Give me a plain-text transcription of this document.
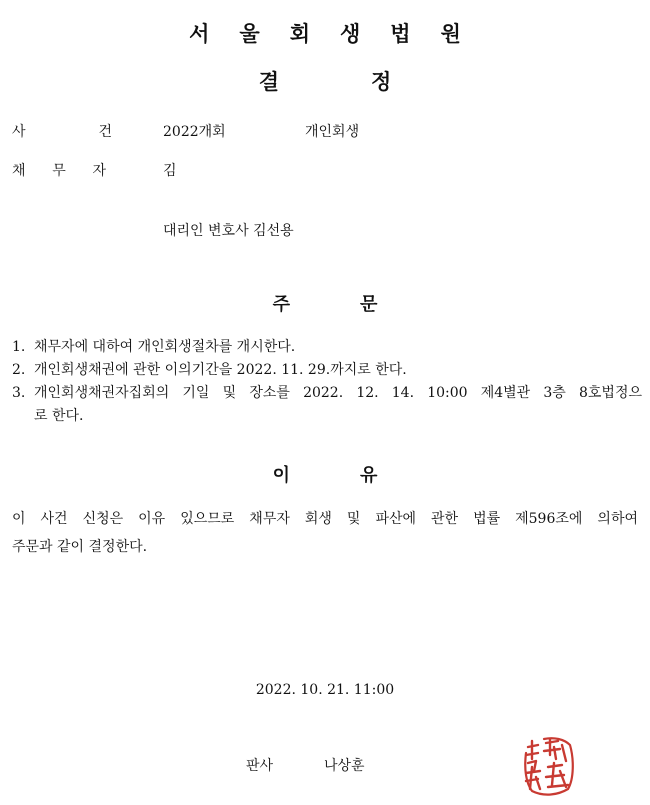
서 울 회 생 법 원
결	정
사	건	2022개회	개인회생
채 무 자	김
대리인 변호사 김선용
주	문
1. 채무자에 대하여 개인회생절차를 개시한다.
2. 개인회생채권에 관한 이의기간을 2022. 11. 29.까지로 한다.
3. 개인회생채권자집회의 기일 및 장소를 2022. 12. 14. 10:00 제4별관 3층 8호법정으
로 한다.
이	유
이 사건 신청은 이유 있으므로 채무자 회생 및 파산에 관한 법률 제596조에 의하여
주문과 같이 결정한다.
2022. 10. 21. 11:00
판사	나상훈
